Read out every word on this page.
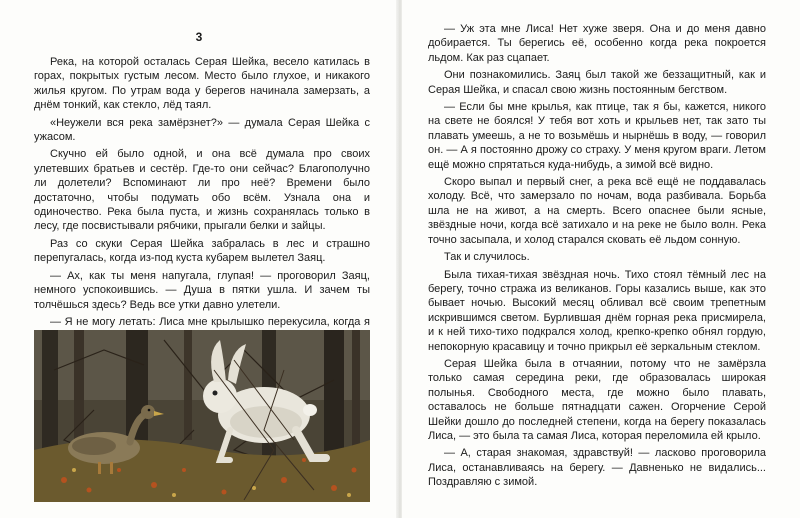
3

Река, на которой осталась Серая Шейка, весело катилась в горах, покрытых густым лесом. Место было глухое, и никакого жилья кругом. По утрам вода у берегов начинала замерзать, а днём тонкий, как стекло, лёд таял.

«Неужели вся река замёрзнет?» — думала Серая Шейка с ужасом.

Скучно ей было одной, и она всё думала про своих улетевших братьев и сестёр. Где-то они сейчас? Благополучно ли долетели? Вспоминают ли про неё? Времени было достаточно, чтобы подумать обо всём. Узнала она и одиночество. Река была пуста, и жизнь сохранялась только в лесу, где посвистывали рябчики, прыгали белки и зайцы.

Раз со скуки Серая Шейка забралась в лес и страшно перепугалась, когда из-под куста кубарем вылетел Заяц.

— Ах, как ты меня напугала, глупая! — проговорил Заяц, немного успокоившись. — Душа в пятки ушла. И зачем ты толчёшься здесь? Ведь все утки давно улетели.

— Я не могу летать: Лиса мне крылышко перекусила, когда я

— Уж эта мне Лиса! Нет хуже зверя. Она и до меня давно добирается. Ты берегись её, особенно когда река покроется льдом. Как раз сцапает.

Они познакомились. Заяц был такой же беззащитный, как и Серая Шейка, и спасал свою жизнь постоянным бегством.

— Если бы мне крылья, как птице, так я бы, кажется, никого на свете не боялся! У тебя вот хоть и крыльев нет, так зато ты плавать умеешь, а не то возьмёшь и нырнёшь в воду, — говорил он. — А я постоянно дрожу со страху. У меня кругом враги. Летом ещё можно спрятаться куда-нибудь, а зимой всё видно.

Скоро выпал и первый снег, а река всё ещё не поддавалась холоду. Всё, что замерзало по ночам, вода разбивала. Борьба шла не на живот, а на смерть. Всего опаснее были ясные, звёздные ночи, когда всё затихало и на реке не было волн. Река точно засыпала, и холод старался сковать её льдом сонную.

Так и случилось.

Была тихая-тихая звёздная ночь. Тихо стоял тёмный лес на берегу, точно стража из великанов. Горы казались выше, как это бывает ночью. Высокий месяц обливал всё своим трепетным искрившимся светом. Бурлившая днём горная река присмирела, и к ней тихо-тихо подкрался холод, крепко-крепко обнял гордую, непокорную красавицу и точно прикрыл её зеркальным стеклом.

Серая Шейка была в отчаянии, потому что не замёрзла только самая середина реки, где образовалась широкая полынья. Свободного места, где можно было плавать, оставалось не больше пятнадцати сажен. Огорчение Серой Шейки дошло до последней степени, когда на берегу показалась Лиса, — это была та самая Лиса, которая переломила ей крыло.

— А, старая знакомая, здравствуй! — ласково проговорила Лиса, останавливаясь на берегу. — Давненько не видались... Поздравляю с зимой.
